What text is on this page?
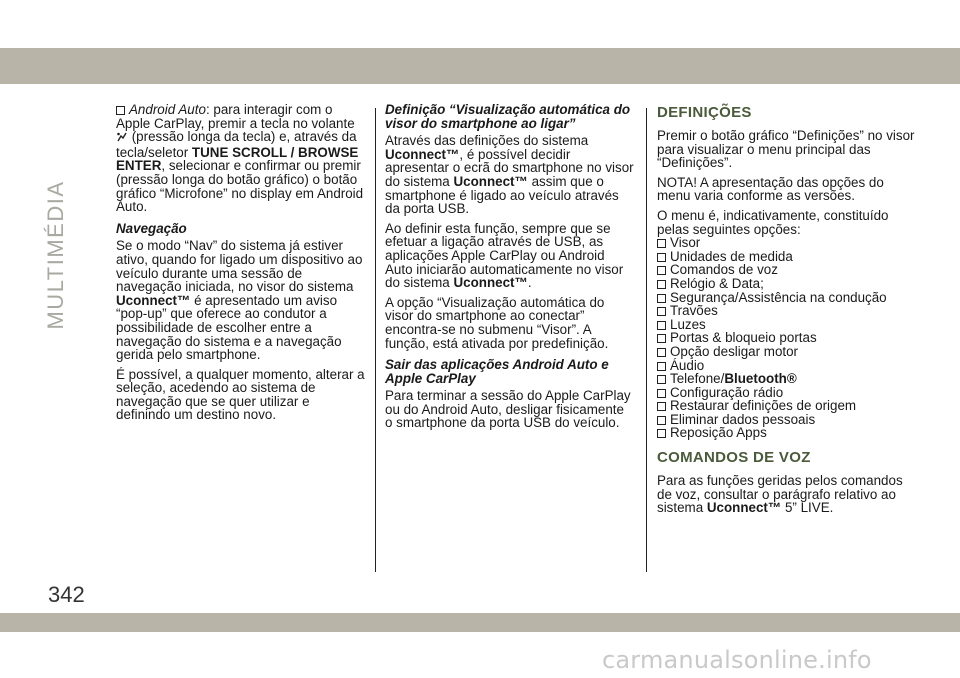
MULTIMÉDIA

Android Auto: para interagir com o Apple CarPlay, premir a tecla no volante  (pressão longa da tecla) e, através da tecla/seletor TUNE SCROLL / BROWSE ENTER, selecionar e confirmar ou premir (pressão longa do botão gráfico) o botão gráfico “Microfone” no display em Android Auto.

Navegação

Se o modo “Nav” do sistema já estiver ativo, quando for ligado um dispositivo ao veículo durante uma sessão de navegação iniciada, no visor do sistema Uconnect™ é apresentado um aviso “pop-up” que oferece ao condutor a possibilidade de escolher entre a navegação do sistema e a navegação gerida pelo smartphone.

É possível, a qualquer momento, alterar a seleção, acedendo ao sistema de navegação que se quer utilizar e definindo um destino novo.

Definição “Visualização automática do visor do smartphone ao ligar”

Através das definições do sistema Uconnect™, é possível decidir apresentar o ecrã do smartphone no visor do sistema Uconnect™ assim que o smartphone é ligado ao veículo através da porta USB.

Ao definir esta função, sempre que se efetuar a ligação através de USB, as aplicações Apple CarPlay ou Android Auto iniciarão automaticamente no visor do sistema Uconnect™.

A opção “Visualização automática do visor do smartphone ao conectar” encontra-se no submenu “Visor”. A função, está ativada por predefinição.

Sair das aplicações Android Auto e Apple CarPlay

Para terminar a sessão do Apple CarPlay ou do Android Auto, desligar fisicamente o smartphone da porta USB do veículo.

DEFINIÇÕES

Premir o botão gráfico “Definições” no visor para visualizar o menu principal das “Definições”.

NOTA! A apresentação das opções do menu varia conforme as versões.

O menu é, indicativamente, constituído pelas seguintes opções:

Visor
Unidades de medida
Comandos de voz
Relógio & Data;
Segurança/Assistência na condução
Travões
Luzes
Portas & bloqueio portas
Opção desligar motor
Áudio
Telefone/Bluetooth®
Configuração rádio
Restaurar definições de origem
Eliminar dados pessoais
Reposição Apps
COMANDOS DE VOZ

Para as funções geridas pelos comandos de voz, consultar o parágrafo relativo ao sistema Uconnect™ 5” LIVE.

342
carmanualsonline.info
